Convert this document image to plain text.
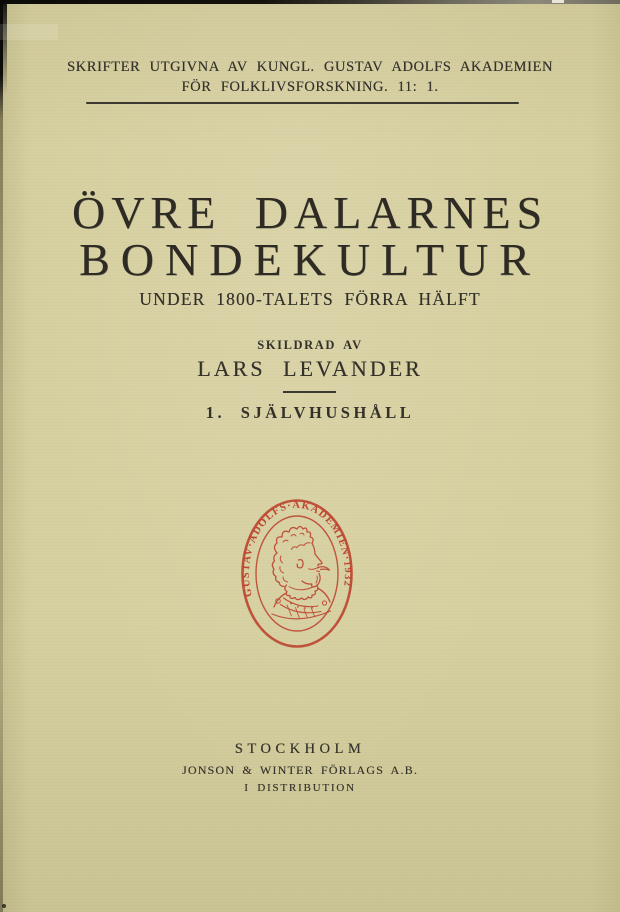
SKRIFTER UTGIVNA AV KUNGL. GUSTAV ADOLFS AKADEMIEN
FÖR FOLKLIVSFORSKNING. 11: 1.
ÖVRE DALARNES
BONDEKULTUR
UNDER 1800-TALETS FÖRRA HÄLFT
SKILDRAD AV
LARS LEVANDER
1. SJÄLVHUSHÅLL
GUSTAV·ADOLFS·AKADEMIEN·1932
STOCKHOLM
JONSON & WINTER FÖRLAGS A.B.
I DISTRIBUTION
